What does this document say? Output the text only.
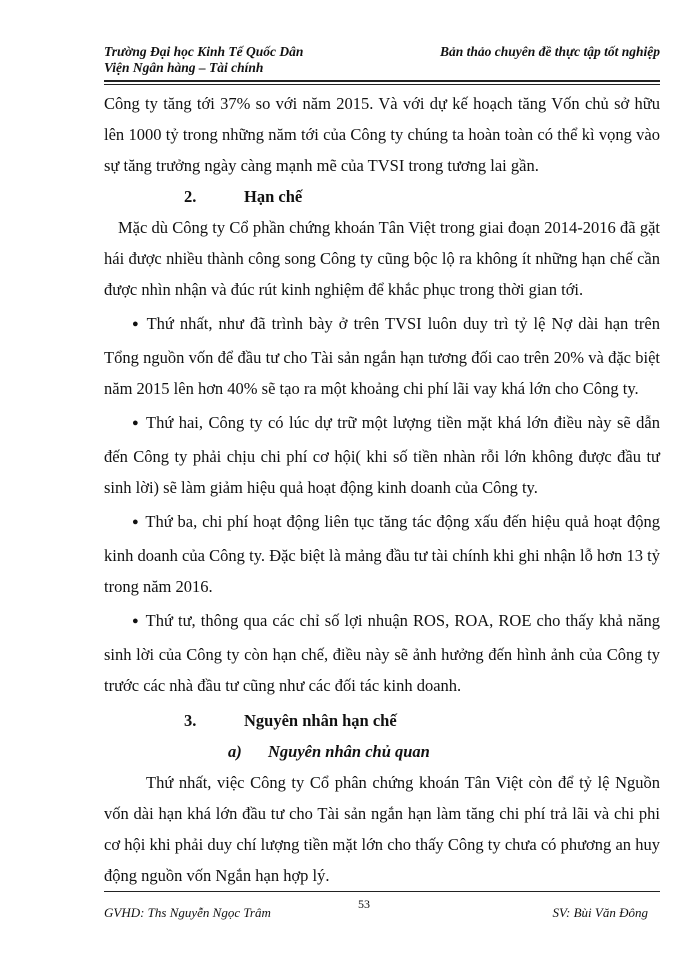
Trường Đại học Kinh Tế Quốc Dân
Viện Ngân hàng – Tài chính
Bản thảo chuyên đề thực tập tốt nghiệp

Công ty tăng tới 37% so với năm 2015. Và với dự kế hoạch tăng Vốn chủ sở hữu lên 1000 tỷ trong những năm tới của Công ty chúng ta hoàn toàn có thể kì vọng vào sự tăng trưởng ngày càng mạnh mẽ của TVSI trong tương lai gần.

2.	Hạn chế

Mặc dù Công ty Cổ phần chứng khoán Tân Việt trong giai đoạn 2014-2016 đã gặt hái được nhiều thành công song Công ty cũng bộc lộ ra không ít những hạn chế cần được nhìn nhận và đúc rút kinh nghiệm để khắc phục trong thời gian tới.

● Thứ nhất, như đã trình bày ở trên TVSI luôn duy trì tỷ lệ Nợ dài hạn trên Tổng nguồn vốn để đầu tư cho Tài sản ngắn hạn tương đối cao trên 20% và đặc biệt năm 2015 lên hơn 40% sẽ tạo ra một khoảng chi phí lãi vay khá lớn cho Công ty.

● Thứ hai, Công ty có lúc dự trữ một lượng tiền mặt khá lớn điều này sẽ dẫn đến Công ty phải chịu chi phí cơ hội( khi số tiền nhàn rỗi lớn không được đầu tư sinh lời) sẽ làm giảm hiệu quả hoạt động kinh doanh của Công ty.

● Thứ ba, chi phí hoạt động liên tục tăng tác động xấu đến hiệu quả hoạt động kinh doanh của Công ty. Đặc biệt là mảng đầu tư tài chính khi ghi nhận lỗ hơn 13 tỷ trong năm 2016.

● Thứ tư, thông qua các chỉ số lợi nhuận ROS, ROA, ROE cho thấy khả năng sinh lời của Công ty còn hạn chế, điều này sẽ ảnh hưởng đến hình ảnh của Công ty trước các nhà đầu tư cũng như các đối tác kinh doanh.

3.	Nguyên nhân hạn chế

a) Nguyên nhân chủ quan

Thứ nhất, việc Công ty Cổ phân chứng khoán Tân Việt còn để tỷ lệ Nguồn vốn dài hạn khá lớn đầu tư cho Tài sản ngắn hạn làm tăng chi phí trả lãi và chi phi cơ hội khi phải duy chí lượng tiền mặt lớn cho thấy Công ty chưa có phương an huy động nguồn vốn Ngắn hạn hợp lý.

GVHD: Ths Nguyễn Ngọc Trâm
53
SV: Bùi Văn Đông
